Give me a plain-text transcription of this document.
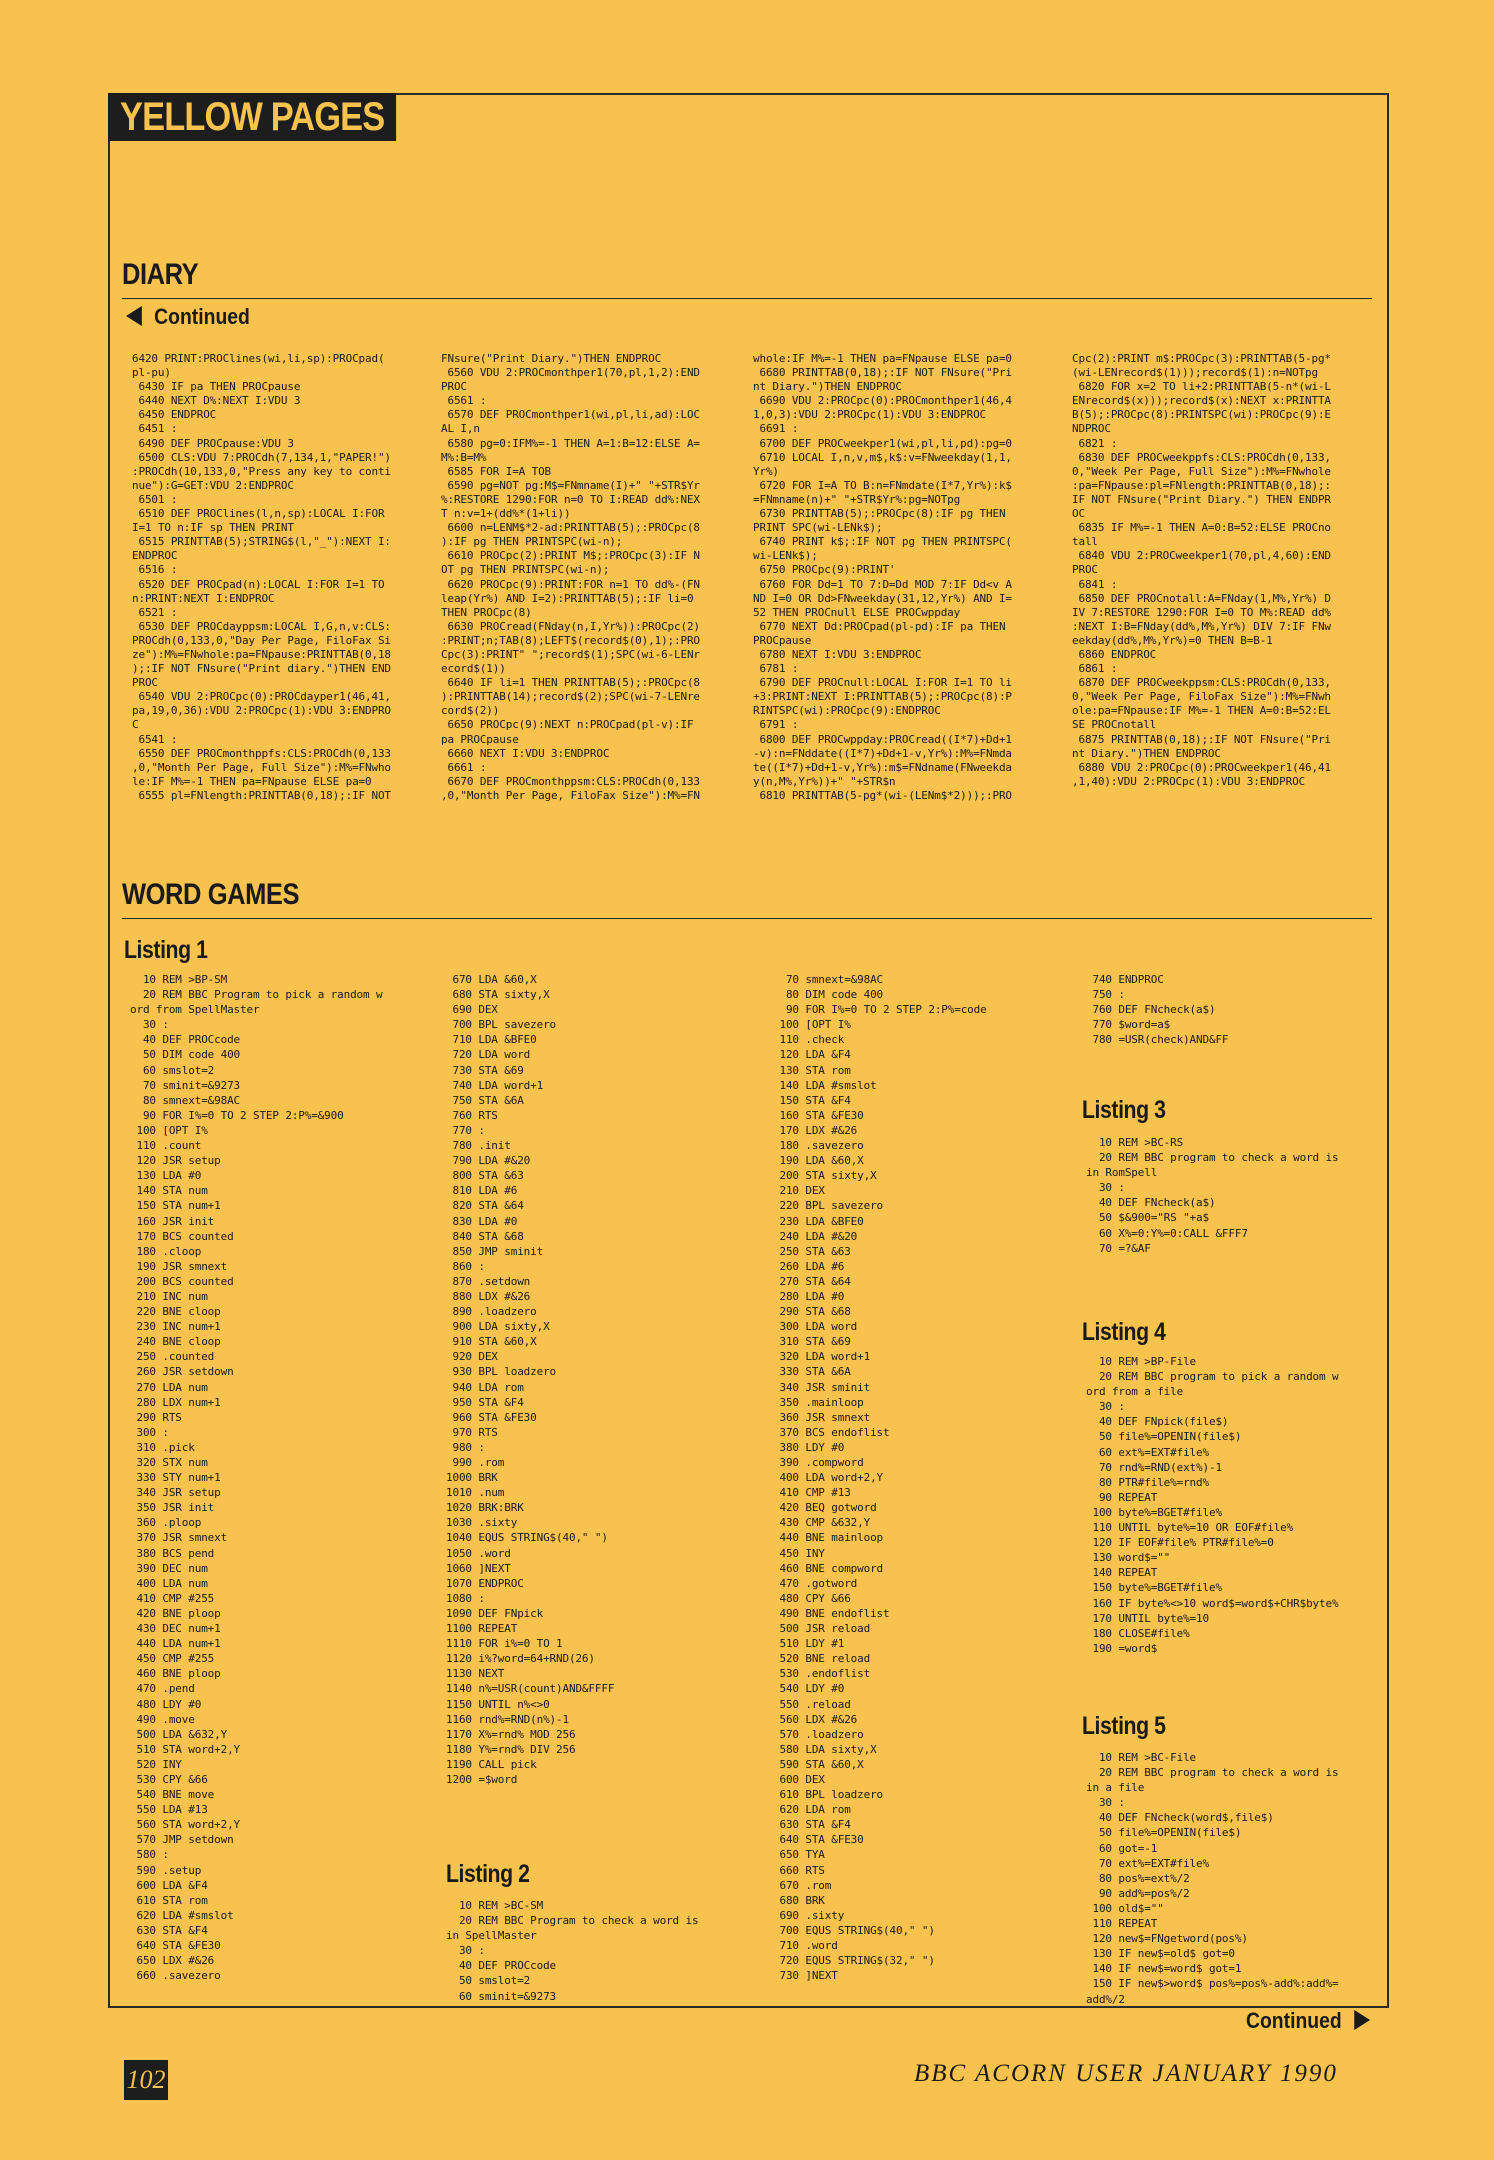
YELLOW PAGES
DIARY
Continued
6420 PRINT:PROClines(wi,li,sp):PROCpad(
pl-pu)
6430 IF pa THEN PROCpause
6440 NEXT D%:NEXT I:VDU 3
6450 ENDPROC
6451 :
6490 DEF PROCpause:VDU 3
6500 CLS:VDU 7:PROCdh(7,134,1,"PAPER!")
:PROCdh(10,133,0,"Press any key to conti
nue"):G=GET:VDU 2:ENDPROC
6501 :
6510 DEF PROClines(l,n,sp):LOCAL I:FOR
I=1 TO n:IF sp THEN PRINT
6515 PRINTTAB(5);STRING$(l,"_"):NEXT I:
ENDPROC
6516 :
6520 DEF PROCpad(n):LOCAL I:FOR I=1 TO
n:PRINT:NEXT I:ENDPROC
6521 :
6530 DEF PROCdayppsm:LOCAL I,G,n,v:CLS:
PROCdh(0,133,0,"Day Per Page, FiloFax Si
ze"):M%=FNwhole:pa=FNpause:PRINTTAB(0,18
);:IF NOT FNsure("Print diary.")THEN END
PROC
6540 VDU 2:PROCpc(0):PROCdayper1(46,41,
pa,19,0,36):VDU 2:PROCpc(1):VDU 3:ENDPRO
C
6541 :
6550 DEF PROCmonthppfs:CLS:PROCdh(0,133
,0,"Month Per Page, Full Size"):M%=FNwho
le:IF M%=-1 THEN pa=FNpause ELSE pa=0
6555 pl=FNlength:PRINTTAB(0,18);:IF NOT
FNsure("Print Diary.")THEN ENDPROC
6560 VDU 2:PROCmonthper1(70,pl,1,2):END
PROC
6561 :
6570 DEF PROCmonthper1(wi,pl,li,ad):LOC
AL I,n
6580 pg=0:IFM%=-1 THEN A=1:B=12:ELSE A=
M%:B=M%
6585 FOR I=A TOB
6590 pg=NOT pg:M$=FNmname(I)+" "+STR$Yr
%:RESTORE 1290:FOR n=0 TO I:READ dd%:NEX
T n:v=1+(dd%*(1+li))
6600 n=LENM$*2-ad:PRINTTAB(5);:PROCpc(8
):IF pg THEN PRINTSPC(wi-n);
6610 PROCpc(2):PRINT M$;:PROCpc(3):IF N
OT pg THEN PRINTSPC(wi-n);
6620 PROCpc(9):PRINT:FOR n=1 TO dd%-(FN
leap(Yr%) AND I=2):PRINTTAB(5);:IF li=0
THEN PROCpc(8)
6630 PROCread(FNday(n,I,Yr%)):PROCpc(2)
:PRINT;n;TAB(8);LEFT$(record$(0),1);:PRO
Cpc(3):PRINT" ";record$(1);SPC(wi-6-LENr
ecord$(1))
6640 IF li=1 THEN PRINTTAB(5);:PROCpc(8
):PRINTTAB(14);record$(2);SPC(wi-7-LENre
cord$(2))
6650 PROCpc(9):NEXT n:PROCpad(pl-v):IF
pa PROCpause
6660 NEXT I:VDU 3:ENDPROC
6661 :
6670 DEF PROCmonthppsm:CLS:PROCdh(0,133
,0,"Month Per Page, FiloFax Size"):M%=FN
whole:IF M%=-1 THEN pa=FNpause ELSE pa=0
6680 PRINTTAB(0,18);:IF NOT FNsure("Pri
nt Diary.")THEN ENDPROC
6690 VDU 2:PROCpc(0):PROCmonthper1(46,4
1,0,3):VDU 2:PROCpc(1):VDU 3:ENDPROC
6691 :
6700 DEF PROCweekper1(wi,pl,li,pd):pg=0
6710 LOCAL I,n,v,m$,k$:v=FNweekday(1,1,
Yr%)
6720 FOR I=A TO B:n=FNmdate(I*7,Yr%):k$
=FNmname(n)+" "+STR$Yr%:pg=NOTpg
6730 PRINTTAB(5);:PROCpc(8):IF pg THEN
PRINT SPC(wi-LENk$);
6740 PRINT k$;:IF NOT pg THEN PRINTSPC(
wi-LENk$);
6750 PROCpc(9):PRINT'
6760 FOR Dd=1 TO 7:D=Dd MOD 7:IF Dd<v A
ND I=0 OR Dd>FNweekday(31,12,Yr%) AND I=
52 THEN PROCnull ELSE PROCwppday
6770 NEXT Dd:PROCpad(pl-pd):IF pa THEN
PROCpause
6780 NEXT I:VDU 3:ENDPROC
6781 :
6790 DEF PROCnull:LOCAL I:FOR I=1 TO li
+3:PRINT:NEXT I:PRINTTAB(5);:PROCpc(8):P
RINTSPC(wi):PROCpc(9):ENDPROC
6791 :
6800 DEF PROCwppday:PROCread((I*7)+Dd+1
-v):n=FNddate((I*7)+Dd+1-v,Yr%):M%=FNmda
te((I*7)+Dd+1-v,Yr%):m$=FNdname(FNweekda
y(n,M%,Yr%))+" "+STR$n
6810 PRINTTAB(5-pg*(wi-(LENm$*2)));:PRO
Cpc(2):PRINT m$:PROCpc(3):PRINTTAB(5-pg*
(wi-LENrecord$(1)));record$(1):n=NOTpg
6820 FOR x=2 TO li+2:PRINTTAB(5-n*(wi-L
ENrecord$(x)));record$(x):NEXT x:PRINTTA
B(5);:PROCpc(8):PRINTSPC(wi):PROCpc(9):E
NDPROC
6821 :
6830 DEF PROCweekppfs:CLS:PROCdh(0,133,
0,"Week Per Page, Full Size"):M%=FNwhole
:pa=FNpause:pl=FNlength:PRINTTAB(0,18);:
IF NOT FNsure("Print Diary.") THEN ENDPR
OC
6835 IF M%=-1 THEN A=0:B=52:ELSE PROCno
tall
6840 VDU 2:PROCweekper1(70,pl,4,60):END
PROC
6841 :
6850 DEF PROCnotall:A=FNday(1,M%,Yr%) D
IV 7:RESTORE 1290:FOR I=0 TO M%:READ dd%
:NEXT I:B=FNday(dd%,M%,Yr%) DIV 7:IF FNw
eekday(dd%,M%,Yr%)=0 THEN B=B-1
6860 ENDPROC
6861 :
6870 DEF PROCweekppsm:CLS:PROCdh(0,133,
0,"Week Per Page, FiloFax Size"):M%=FNwh
ole:pa=FNpause:IF M%=-1 THEN A=0:B=52:EL
SE PROCnotall
6875 PRINTTAB(0,18);:IF NOT FNsure("Pri
nt Diary.")THEN ENDPROC
6880 VDU 2:PROCpc(0):PROCweekper1(46,41
,1,40):VDU 2:PROCpc(1):VDU 3:ENDPROC
WORD GAMES
Listing 1
10 REM >BP-SM
20 REM BBC Program to pick a random w
ord from SpellMaster
30 :
40 DEF PROCcode
50 DIM code 400
60 smslot=2
70 sminit=&9273
80 smnext=&98AC
90 FOR I%=0 TO 2 STEP 2:P%=&900
100 [OPT I%
110 .count
120 JSR setup
130 LDA #0
140 STA num
150 STA num+1
160 JSR init
170 BCS counted
180 .cloop
190 JSR smnext
200 BCS counted
210 INC num
220 BNE cloop
230 INC num+1
240 BNE cloop
250 .counted
260 JSR setdown
270 LDA num
280 LDX num+1
290 RTS
300 :
310 .pick
320 STX num
330 STY num+1
340 JSR setup
350 JSR init
360 .ploop
370 JSR smnext
380 BCS pend
390 DEC num
400 LDA num
410 CMP #255
420 BNE ploop
430 DEC num+1
440 LDA num+1
450 CMP #255
460 BNE ploop
470 .pend
480 LDY #0
490 .move
500 LDA &632,Y
510 STA word+2,Y
520 INY
530 CPY &66
540 BNE move
550 LDA #13
560 STA word+2,Y
570 JMP setdown
580 :
590 .setup
600 LDA &F4
610 STA rom
620 LDA #smslot
630 STA &F4
640 STA &FE30
650 LDX #&26
660 .savezero
670 LDA &60,X
680 STA sixty,X
690 DEX
700 BPL savezero
710 LDA &BFE0
720 LDA word
730 STA &69
740 LDA word+1
750 STA &6A
760 RTS
770 :
780 .init
790 LDA #&20
800 STA &63
810 LDA #6
820 STA &64
830 LDA #0
840 STA &68
850 JMP sminit
860 :
870 .setdown
880 LDX #&26
890 .loadzero
900 LDA sixty,X
910 STA &60,X
920 DEX
930 BPL loadzero
940 LDA rom
950 STA &F4
960 STA &FE30
970 RTS
980 :
990 .rom
1000 BRK
1010 .num
1020 BRK:BRK
1030 .sixty
1040 EQUS STRING$(40," ")
1050 .word
1060 ]NEXT
1070 ENDPROC
1080 :
1090 DEF FNpick
1100 REPEAT
1110 FOR i%=0 TO 1
1120 i%?word=64+RND(26)
1130 NEXT
1140 n%=USR(count)AND&FFFF
1150 UNTIL n%<>0
1160 rnd%=RND(n%)-1
1170 X%=rnd% MOD 256
1180 Y%=rnd% DIV 256
1190 CALL pick
1200 =$word
Listing 2
10 REM >BC-SM
20 REM BBC Program to check a word is
in SpellMaster
30 :
40 DEF PROCcode
50 smslot=2
60 sminit=&9273
70 smnext=&98AC
80 DIM code 400
90 FOR I%=0 TO 2 STEP 2:P%=code
100 [OPT I%
110 .check
120 LDA &F4
130 STA rom
140 LDA #smslot
150 STA &F4
160 STA &FE30
170 LDX #&26
180 .savezero
190 LDA &60,X
200 STA sixty,X
210 DEX
220 BPL savezero
230 LDA &BFE0
240 LDA #&20
250 STA &63
260 LDA #6
270 STA &64
280 LDA #0
290 STA &68
300 LDA word
310 STA &69
320 LDA word+1
330 STA &6A
340 JSR sminit
350 .mainloop
360 JSR smnext
370 BCS endoflist
380 LDY #0
390 .compword
400 LDA word+2,Y
410 CMP #13
420 BEQ gotword
430 CMP &632,Y
440 BNE mainloop
450 INY
460 BNE compword
470 .gotword
480 CPY &66
490 BNE endoflist
500 JSR reload
510 LDY #1
520 BNE reload
530 .endoflist
540 LDY #0
550 .reload
560 LDX #&26
570 .loadzero
580 LDA sixty,X
590 STA &60,X
600 DEX
610 BPL loadzero
620 LDA rom
630 STA &F4
640 STA &FE30
650 TYA
660 RTS
670 .rom
680 BRK
690 .sixty
700 EQUS STRING$(40," ")
710 .word
720 EQUS STRING$(32," ")
730 ]NEXT
740 ENDPROC
750 :
760 DEF FNcheck(a$)
770 $word=a$
780 =USR(check)AND&FF
Listing 3
10 REM >BC-RS
20 REM BBC program to check a word is
in RomSpell
30 :
40 DEF FNcheck(a$)
50 $&900="RS "+a$
60 X%=0:Y%=0:CALL &FFF7
70 =?&AF
Listing 4
10 REM >BP-File
20 REM BBC program to pick a random w
ord from a file
30 :
40 DEF FNpick(file$)
50 file%=OPENIN(file$)
60 ext%=EXT#file%
70 rnd%=RND(ext%)-1
80 PTR#file%=rnd%
90 REPEAT
100 byte%=BGET#file%
110 UNTIL byte%=10 OR EOF#file%
120 IF EOF#file% PTR#file%=0
130 word$=""
140 REPEAT
150 byte%=BGET#file%
160 IF byte%<>10 word$=word$+CHR$byte%
170 UNTIL byte%=10
180 CLOSE#file%
190 =word$
Listing 5
10 REM >BC-File
20 REM BBC program to check a word is
in a file
30 :
40 DEF FNcheck(word$,file$)
50 file%=OPENIN(file$)
60 got=-1
70 ext%=EXT#file%
80 pos%=ext%/2
90 add%=pos%/2
100 old$=""
110 REPEAT
120 new$=FNgetword(pos%)
130 IF new$=old$ got=0
140 IF new$=word$ got=1
150 IF new$>word$ pos%=pos%-add%:add%=
add%/2
Continued
102	BBC ACORN USER JANUARY 1990
